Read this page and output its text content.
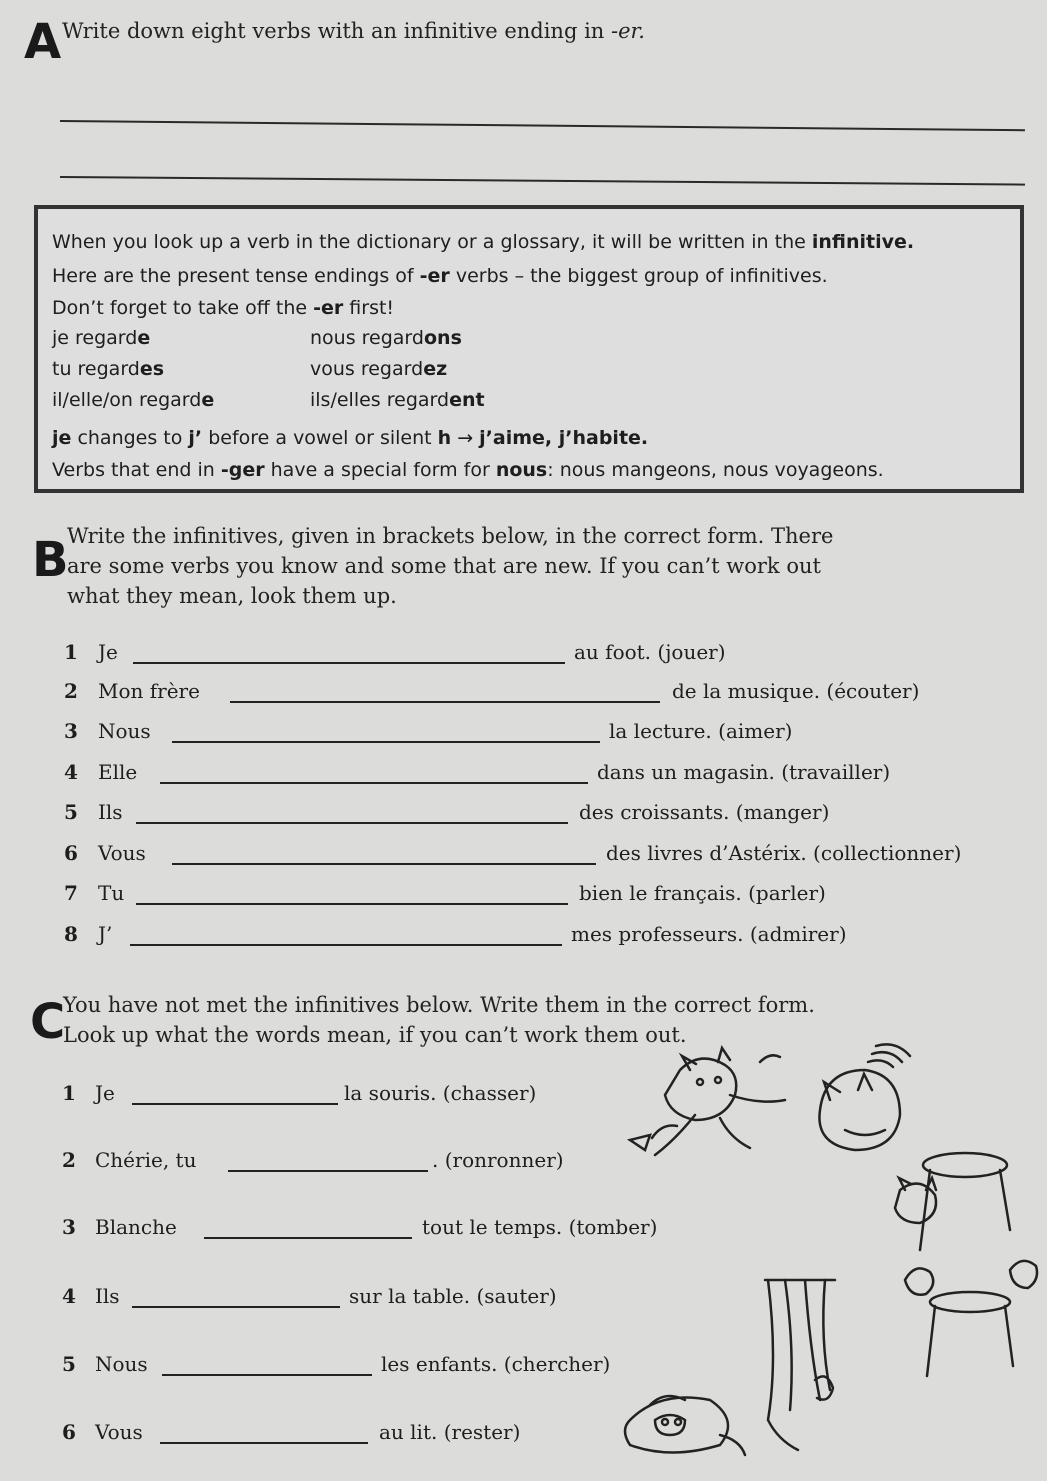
A Write down eight verbs with an infinitive ending in -er.
When you look up a verb in the dictionary or a glossary, it will be written in the infinitive.
Here are the present tense endings of -er verbs – the biggest group of infinitives.
Don’t forget to take off the -er first!
je regarde	nous regardons
tu regardes	vous regardez
il/elle/on regarde	ils/elles regardent
je changes to j’ before a vowel or silent h → j’aime, j’habite.
Verbs that end in -ger have a special form for nous: nous mangeons, nous voyageons.
B
Write the infinitives, given in brackets below, in the correct form. There
are some verbs you know and some that are new. If you can’t work out
what they mean, look them up.
1 Je	au foot. (jouer)
2 Mon frère	de la musique. (écouter)
3 Nous	la lecture. (aimer)
4 Elle	dans un magasin. (travailler)
5 Ils	des croissants. (manger)
6 Vous	des livres d’Astérix. (collectionner)
7 Tu	bien le français. (parler)
8 J’	mes professeurs. (admirer)
C
You have not met the infinitives below. Write them in the correct form.
Look up what the words mean, if you can’t work them out.
1 Je	la souris. (chasser)
2 Chérie, tu	. (ronronner)
3 Blanche	tout le temps. (tomber)
4 Ils	sur la table. (sauter)
5 Nous	les enfants. (chercher)
6 Vous	au lit. (rester)
